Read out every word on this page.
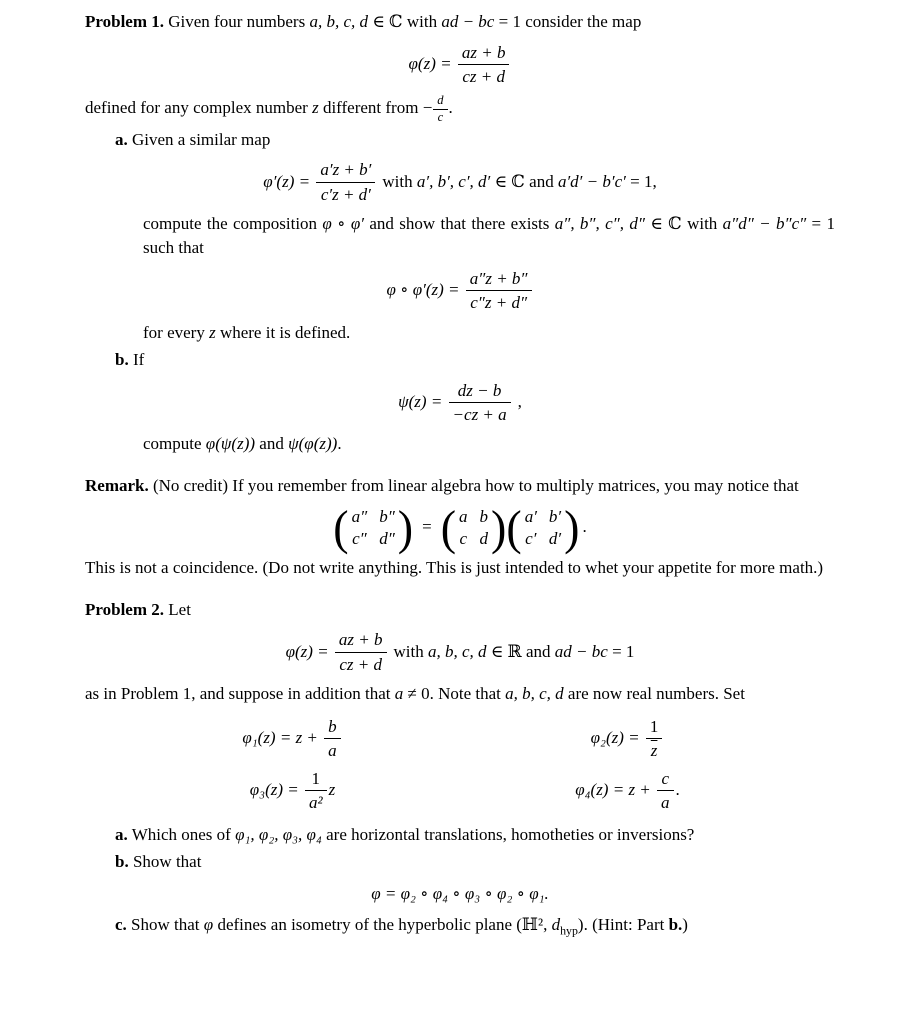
Problem 1. Given four numbers a, b, c, d ∈ ℂ with ad − bc = 1 consider the map

$\varphi(z) = \frac{az + b}{cz + d}$

defined for any complex number z different from − $\frac{d}{c}$ .

a. Given a similar map

$\varphi'(z) = \frac{a'z + b'}{c'z + d'}$ with a′, b′, c′, d′ ∈ ℂ and a′d′ − b′c′ = 1,

compute the composition φ ∘ φ′ and show that there exists a″, b″, c″, d″ ∈ ℂ with a″d″ − b″c″ = 1 such that

φ ∘ $\varphi'(z) = \frac{a''z + b''}{c''z + d''}$

for every z where it is defined.

b. If

$\psi(z) = \frac{dz - b}{-cz + a}$ ,

compute φ(ψ(z)) and ψ(φ(z)).

Remark. (No credit) If you remember from linear algebra how to multiply matrices, you may notice that

( a″ b″
c″ d″ ) = ( a b
c d ) ( a′ b′
c′ d′ ) .

This is not a coincidence. (Do not write anything. This is just intended to whet your appetite for more math.)

Problem 2. Let

$\varphi(z) = \frac{az + b}{cz + d}$ with a, b, c, d ∈ ℝ and ad − bc = 1

as in Problem 1, and suppose in addition that a ≠ 0. Note that a, b, c, d are now real numbers. Set

$\varphi_1(z) = z + \frac{b}{a}$	$\varphi_2(z) = \frac{1}{z}$
$\varphi_3(z) = \frac{1}{\text{a²}}$ z	$\varphi_4(z) = z + \frac{c}{a}$ .

a. Which ones of φ₁, φ₂, φ₃, φ₄ are horizontal translations, homotheties or inversions?

b. Show that

φ = φ₂ ∘ φ₄ ∘ φ₃ ∘ φ₂ ∘ φ₁.

c. Show that φ defines an isometry of the hyperbolic plane (ℍ², $d_{hyp}$). (Hint: Part b.)
